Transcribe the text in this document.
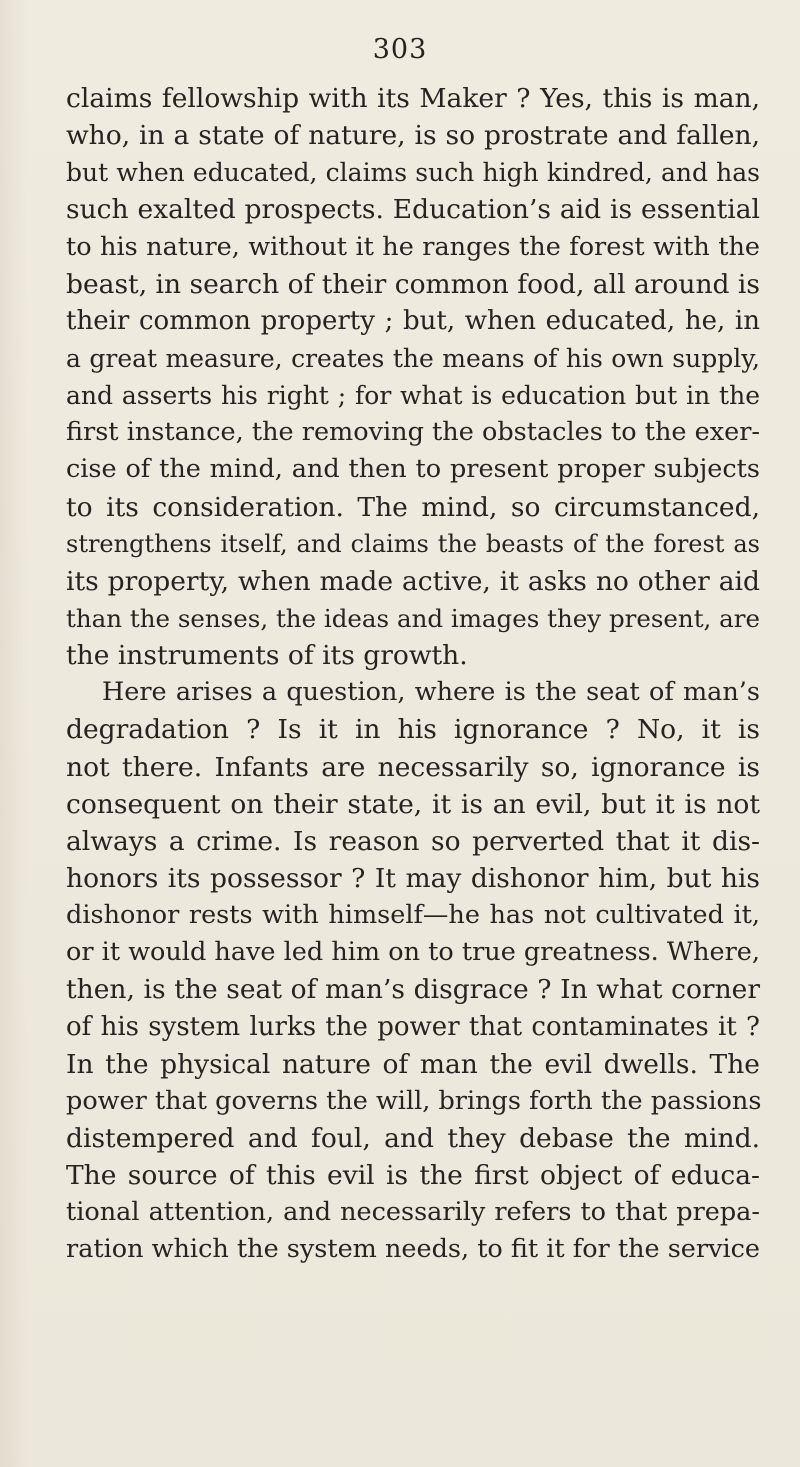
303
claims fellowship with its Maker ? Yes, this is man,
who, in a state of nature, is so prostrate and fallen,
but when educated, claims such high kindred, and has
such exalted prospects. Education’s aid is essential
to his nature, without it he ranges the forest with the
beast, in search of their common food, all around is
their common property ; but, when educated, he, in
a great measure, creates the means of his own supply,
and asserts his right ; for what is education but in the
first instance, the removing the obstacles to the exer-
cise of the mind, and then to present proper subjects
to its consideration. The mind, so circumstanced,
strengthens itself, and claims the beasts of the forest as
its property, when made active, it asks no other aid
than the senses, the ideas and images they present, are
the instruments of its growth.
Here arises a question, where is the seat of man’s
degradation ? Is it in his ignorance ? No, it is
not there. Infants are necessarily so, ignorance is
consequent on their state, it is an evil, but it is not
always a crime. Is reason so perverted that it dis-
honors its possessor ? It may dishonor him, but his
dishonor rests with himself—he has not cultivated it,
or it would have led him on to true greatness. Where,
then, is the seat of man’s disgrace ? In what corner
of his system lurks the power that contaminates it ?
In the physical nature of man the evil dwells. The
power that governs the will, brings forth the passions
distempered and foul, and they debase the mind.
The source of this evil is the first object of educa-
tional attention, and necessarily refers to that prepa-
ration which the system needs, to fit it for the service
